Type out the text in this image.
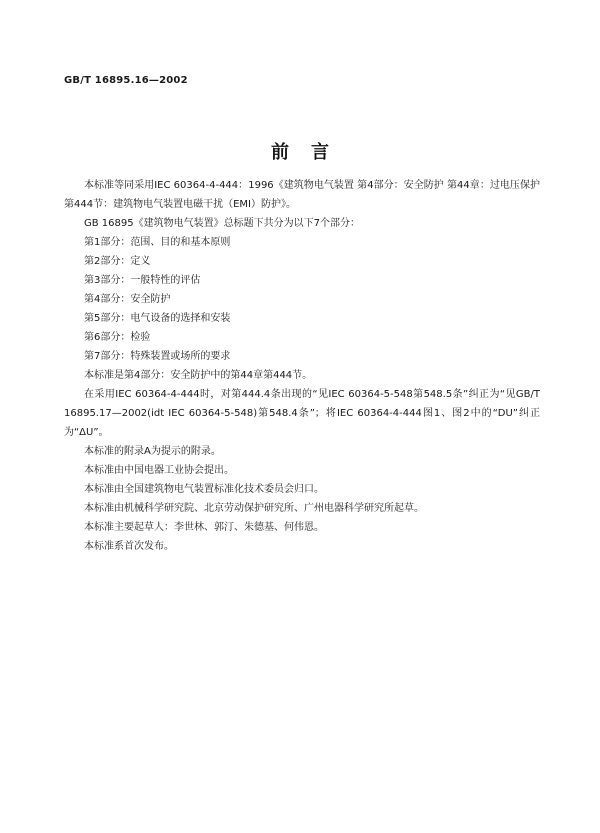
GB/T 16895.16—2002
前言

本标准等同采用IEC 60364-4-444：1996《建筑物电气装置 第4部分：安全防护 第44章：过电压保护 第444节：建筑物电气装置电磁干扰（EMI）防护》。

GB 16895《建筑物电气装置》总标题下共分为以下7个部分：

第1部分：范围、目的和基本原则

第2部分：定义

第3部分：一般特性的评估

第4部分：安全防护

第5部分：电气设备的选择和安装

第6部分：检验

第7部分：特殊装置或场所的要求

本标准是第4部分：安全防护中的第44章第444节。

在采用IEC 60364-4-444时，对第444.4条出现的“见IEC 60364-5-548第548.5条”纠正为“见GB/T 16895.17—2002(idt IEC 60364-5-548)第548.4条”；将IEC 60364-4-444图1、图2中的“DU”纠正为“ΔU”。

本标准的附录A为提示的附录。

本标准由中国电器工业协会提出。

本标准由全国建筑物电气装置标准化技术委员会归口。

本标准由机械科学研究院、北京劳动保护研究所、广州电器科学研究所起草。

本标准主要起草人：李世林、郭汀、朱德基、何伟恩。

本标准系首次发布。
